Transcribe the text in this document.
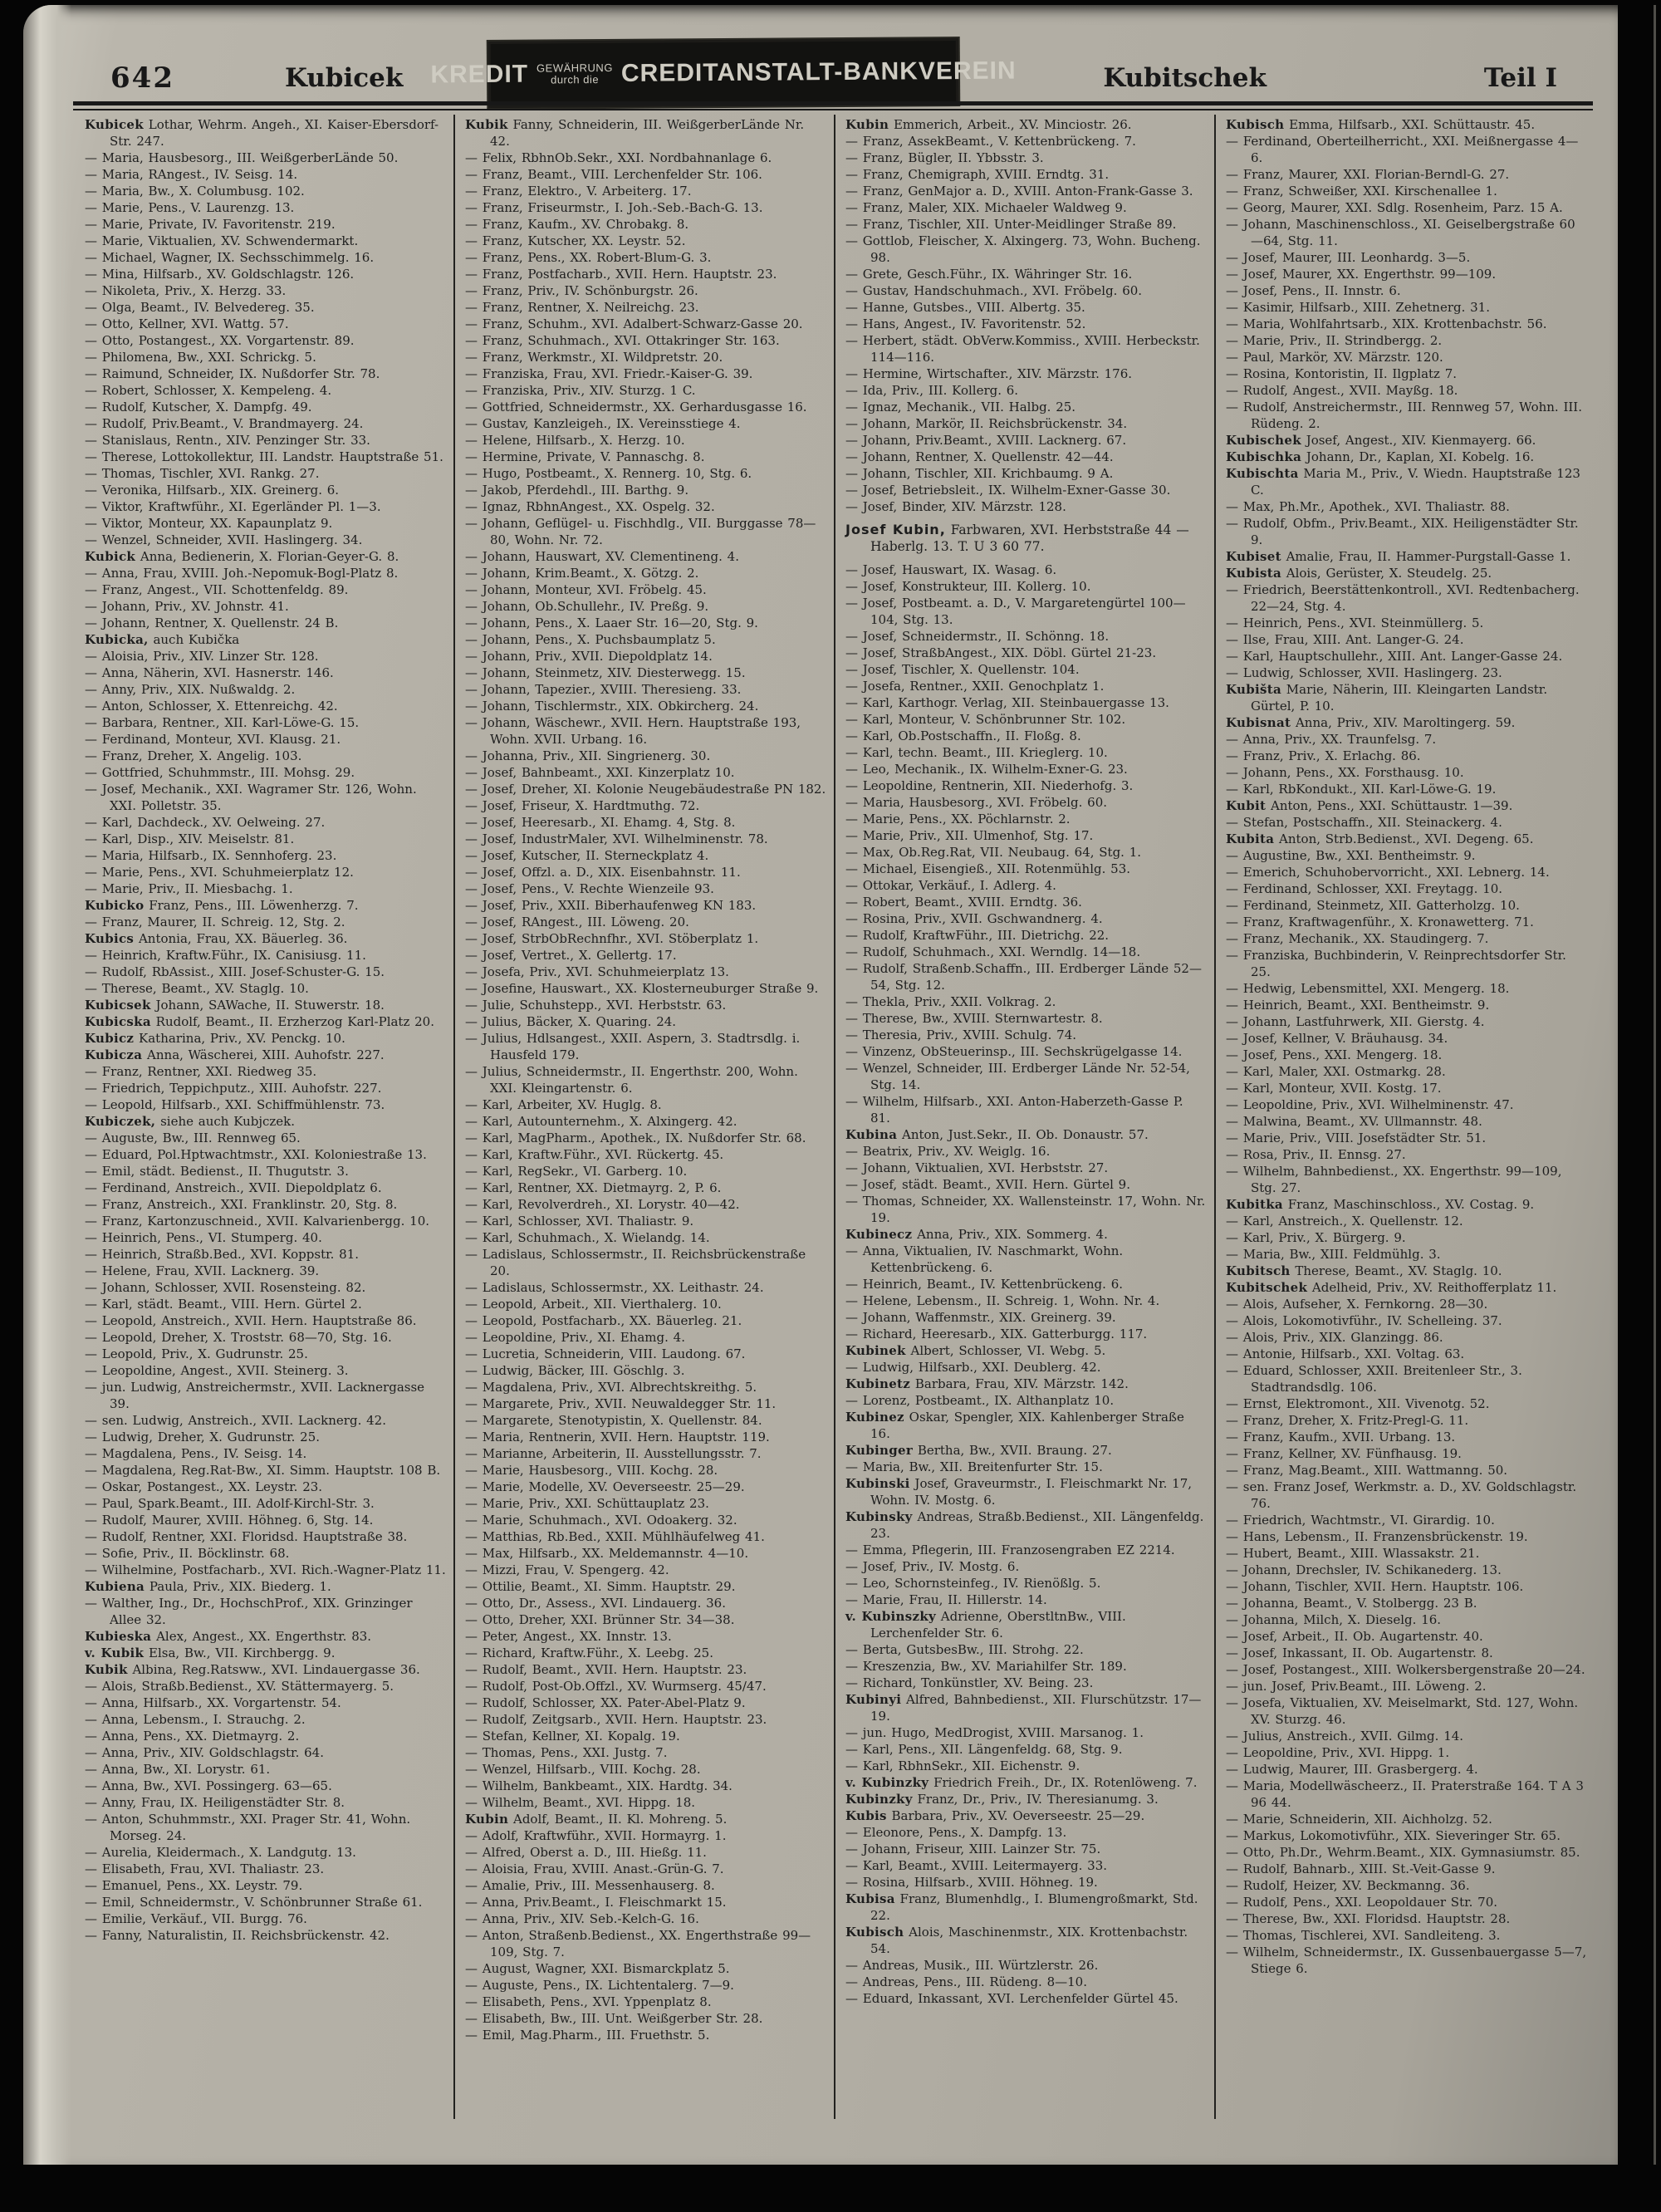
642	Kubicek KREDIT GEWÄHRUNG
durch die CREDITANSTALT-BANKVEREIN	Kubitschek	Teil I
Kubicek Lothar, Wehrm. Angeh., XI. Kaiser-Ebersdorf-Str. 247.
— Maria, Hausbesorg., III. WeißgerberLände 50.
— Maria, RAngest., IV. Seisg. 14.
— Maria, Bw., X. Columbusg. 102.
— Marie, Pens., V. Laurenzg. 13.
— Marie, Private, IV. Favoritenstr. 219.
— Marie, Viktualien, XV. Schwendermarkt.
— Michael, Wagner, IX. Sechsschimmelg. 16.
— Mina, Hilfsarb., XV. Goldschlagstr. 126.
— Nikoleta, Priv., X. Herzg. 33.
— Olga, Beamt., IV. Belvedereg. 35.
— Otto, Kellner, XVI. Wattg. 57.
— Otto, Postangest., XX. Vorgartenstr. 89.
— Philomena, Bw., XXI. Schrickg. 5.
— Raimund, Schneider, IX. Nußdorfer Str. 78.
— Robert, Schlosser, X. Kempeleng. 4.
— Rudolf, Kutscher, X. Dampfg. 49.
— Rudolf, Priv.Beamt., V. Brandmayerg. 24.
— Stanislaus, Rentn., XIV. Penzinger Str. 33.
— Therese, Lottokollektur, III. Landstr. Hauptstraße 51.
— Thomas, Tischler, XVI. Rankg. 27.
— Veronika, Hilfsarb., XIX. Greinerg. 6.
— Viktor, Kraftwführ., XI. Egerländer Pl. 1—3.
— Viktor, Monteur, XX. Kapaunplatz 9.
— Wenzel, Schneider, XVII. Haslingerg. 34.
Kubick Anna, Bedienerin, X. Florian-Geyer-G. 8.
— Anna, Frau, XVIII. Joh.-Nepomuk-Bogl-Platz 8.
— Franz, Angest., VII. Schottenfeldg. 89.
— Johann, Priv., XV. Johnstr. 41.
— Johann, Rentner, X. Quellenstr. 24 B.
Kubicka, auch Kubička
— Aloisia, Priv., XIV. Linzer Str. 128.
— Anna, Näherin, XVI. Hasnerstr. 146.
— Anny, Priv., XIX. Nußwaldg. 2.
— Anton, Schlosser, X. Ettenreichg. 42.
— Barbara, Rentner., XII. Karl-Löwe-G. 15.
— Ferdinand, Monteur, XVI. Klausg. 21.
— Franz, Dreher, X. Angelig. 103.
— Gottfried, Schuhmmstr., III. Mohsg. 29.
— Josef, Mechanik., XXI. Wagramer Str. 126, Wohn. XXI. Polletstr. 35.
— Karl, Dachdeck., XV. Oelweing. 27.
— Karl, Disp., XIV. Meiselstr. 81.
— Maria, Hilfsarb., IX. Sennhoferg. 23.
— Marie, Pens., XVI. Schuhmeierplatz 12.
— Marie, Priv., II. Miesbachg. 1.
Kubicko Franz, Pens., III. Löwenherzg. 7.
— Franz, Maurer, II. Schreig. 12, Stg. 2.
Kubics Antonia, Frau, XX. Bäuerleg. 36.
— Heinrich, Kraftw.Führ., IX. Canisiusg. 11.
— Rudolf, RbAssist., XIII. Josef-Schuster-G. 15.
— Therese, Beamt., XV. Staglg. 10.
Kubicsek Johann, SAWache, II. Stuwerstr. 18.
Kubicska Rudolf, Beamt., II. Erzherzog Karl-Platz 20.
Kubicz Katharina, Priv., XV. Penckg. 10.
Kubicza Anna, Wäscherei, XIII. Auhofstr. 227.
— Franz, Rentner, XXI. Riedweg 35.
— Friedrich, Teppichputz., XIII. Auhofstr. 227.
— Leopold, Hilfsarb., XXI. Schiffmühlenstr. 73.
Kubiczek, siehe auch Kubjczek.
— Auguste, Bw., III. Rennweg 65.
— Eduard, Pol.Hptwachtmstr., XXI. Koloniestraße 13.
— Emil, städt. Bedienst., II. Thugutstr. 3.
— Ferdinand, Anstreich., XVII. Diepoldplatz 6.
— Franz, Anstreich., XXI. Franklinstr. 20, Stg. 8.
— Franz, Kartonzuschneid., XVII. Kalvarienbergg. 10.
— Heinrich, Pens., VI. Stumperg. 40.
— Heinrich, Straßb.Bed., XVI. Koppstr. 81.
— Helene, Frau, XVII. Lacknerg. 39.
— Johann, Schlosser, XVII. Rosensteing. 82.
— Karl, städt. Beamt., VIII. Hern. Gürtel 2.
— Leopold, Anstreich., XVII. Hern. Hauptstraße 86.
— Leopold, Dreher, X. Troststr. 68—70, Stg. 16.
— Leopold, Priv., X. Gudrunstr. 25.
— Leopoldine, Angest., XVII. Steinerg. 3.
— jun. Ludwig, Anstreichermstr., XVII. Lacknergasse 39.
— sen. Ludwig, Anstreich., XVII. Lacknerg. 42.
— Ludwig, Dreher, X. Gudrunstr. 25.
— Magdalena, Pens., IV. Seisg. 14.
— Magdalena, Reg.Rat-Bw., XI. Simm. Hauptstr. 108 B.
— Oskar, Postangest., XX. Leystr. 23.
— Paul, Spark.Beamt., III. Adolf-Kirchl-Str. 3.
— Rudolf, Maurer, XVIII. Höhneg. 6, Stg. 14.
— Rudolf, Rentner, XXI. Floridsd. Hauptstraße 38.
— Sofie, Priv., II. Böcklinstr. 68.
— Wilhelmine, Postfacharb., XVI. Rich.-Wagner-Platz 11.
Kubiena Paula, Priv., XIX. Biederg. 1.
— Walther, Ing., Dr., HochschProf., XIX. Grinzinger Allee 32.
Kubieska Alex, Angest., XX. Engerthstr. 83.
v. Kubik Elsa, Bw., VII. Kirchbergg. 9.
Kubik Albina, Reg.Ratsww., XVI. Lindauergasse 36.
— Alois, Straßb.Bedienst., XV. Stättermayerg. 5.
— Anna, Hilfsarb., XX. Vorgartenstr. 54.
— Anna, Lebensm., I. Strauchg. 2.
— Anna, Pens., XX. Dietmayrg. 2.
— Anna, Priv., XIV. Goldschlagstr. 64.
— Anna, Bw., XI. Lorystr. 61.
— Anna, Bw., XVI. Possingerg. 63—65.
— Anny, Frau, IX. Heiligenstädter Str. 8.
— Anton, Schuhmmstr., XXI. Prager Str. 41, Wohn. Morseg. 24.
— Aurelia, Kleidermach., X. Landgutg. 13.
— Elisabeth, Frau, XVI. Thaliastr. 23.
— Emanuel, Pens., XX. Leystr. 79.
— Emil, Schneidermstr., V. Schönbrunner Straße 61.
— Emilie, Verkäuf., VII. Burgg. 76.
— Fanny, Naturalistin, II. Reichsbrückenstr. 42.
Kubik Fanny, Schneiderin, III. WeißgerberLände Nr. 42.
— Felix, RbhnOb.Sekr., XXI. Nordbahnanlage 6.
— Franz, Beamt., VIII. Lerchenfelder Str. 106.
— Franz, Elektro., V. Arbeiterg. 17.
— Franz, Friseurmstr., I. Joh.-Seb.-Bach-G. 13.
— Franz, Kaufm., XV. Chrobakg. 8.
— Franz, Kutscher, XX. Leystr. 52.
— Franz, Pens., XX. Robert-Blum-G. 3.
— Franz, Postfacharb., XVII. Hern. Hauptstr. 23.
— Franz, Priv., IV. Schönburgstr. 26.
— Franz, Rentner, X. Neilreichg. 23.
— Franz, Schuhm., XVI. Adalbert-Schwarz-Gasse 20.
— Franz, Schuhmach., XVI. Ottakringer Str. 163.
— Franz, Werkmstr., XI. Wildpretstr. 20.
— Franziska, Frau, XVI. Friedr.-Kaiser-G. 39.
— Franziska, Priv., XIV. Sturzg. 1 C.
— Gottfried, Schneidermstr., XX. Gerhardusgasse 16.
— Gustav, Kanzleigeh., IX. Vereinsstiege 4.
— Helene, Hilfsarb., X. Herzg. 10.
— Hermine, Private, V. Pannaschg. 8.
— Hugo, Postbeamt., X. Rennerg. 10, Stg. 6.
— Jakob, Pferdehdl., III. Barthg. 9.
— Ignaz, RbhnAngest., XX. Ospelg. 32.
— Johann, Geflügel- u. Fischhdlg., VII. Burggasse 78—80, Wohn. Nr. 72.
— Johann, Hauswart, XV. Clementineng. 4.
— Johann, Krim.Beamt., X. Götzg. 2.
— Johann, Monteur, XVI. Fröbelg. 45.
— Johann, Ob.Schullehr., IV. Preßg. 9.
— Johann, Pens., X. Laaer Str. 16—20, Stg. 9.
— Johann, Pens., X. Puchsbaumplatz 5.
— Johann, Priv., XVII. Diepoldplatz 14.
— Johann, Steinmetz, XIV. Diesterwegg. 15.
— Johann, Tapezier., XVIII. Theresieng. 33.
— Johann, Tischlermstr., XIX. Obkircherg. 24.
— Johann, Wäschewr., XVII. Hern. Hauptstraße 193, Wohn. XVII. Urbang. 16.
— Johanna, Priv., XII. Singrienerg. 30.
— Josef, Bahnbeamt., XXI. Kinzerplatz 10.
— Josef, Dreher, XI. Kolonie Neugebäudestraße PN 182.
— Josef, Friseur, X. Hardtmuthg. 72.
— Josef, Heeresarb., XI. Ehamg. 4, Stg. 8.
— Josef, IndustrMaler, XVI. Wilhelminenstr. 78.
— Josef, Kutscher, II. Sterneckplatz 4.
— Josef, Offzl. a. D., XIX. Eisenbahnstr. 11.
— Josef, Pens., V. Rechte Wienzeile 93.
— Josef, Priv., XXII. Biberhaufenweg KN 183.
— Josef, RAngest., III. Löweng. 20.
— Josef, StrbObRechnfhr., XVI. Stöberplatz 1.
— Josef, Vertret., X. Gellertg. 17.
— Josefa, Priv., XVI. Schuhmeierplatz 13.
— Josefine, Hauswart., XX. Klosterneuburger Straße 9.
— Julie, Schuhstepp., XVI. Herbststr. 63.
— Julius, Bäcker, X. Quaring. 24.
— Julius, Hdlsangest., XXII. Aspern, 3. Stadtrsdlg. i. Hausfeld 179.
— Julius, Schneidermstr., II. Engerthstr. 200, Wohn. XXI. Kleingartenstr. 6.
— Karl, Arbeiter, XV. Huglg. 8.
— Karl, Autounternehm., X. Alxingerg. 42.
— Karl, MagPharm., Apothek., IX. Nußdorfer Str. 68.
— Karl, Kraftw.Führ., XVI. Rückertg. 45.
— Karl, RegSekr., VI. Garberg. 10.
— Karl, Rentner, XX. Dietmayrg. 2, P. 6.
— Karl, Revolverdreh., XI. Lorystr. 40—42.
— Karl, Schlosser, XVI. Thaliastr. 9.
— Karl, Schuhmach., X. Wielandg. 14.
— Ladislaus, Schlossermstr., II. Reichsbrückenstraße 20.
— Ladislaus, Schlossermstr., XX. Leithastr. 24.
— Leopold, Arbeit., XII. Vierthalerg. 10.
— Leopold, Postfacharb., XX. Bäuerleg. 21.
— Leopoldine, Priv., XI. Ehamg. 4.
— Lucretia, Schneiderin, VIII. Laudong. 67.
— Ludwig, Bäcker, III. Göschlg. 3.
— Magdalena, Priv., XVI. Albrechtskreithg. 5.
— Margarete, Priv., XVII. Neuwaldegger Str. 11.
— Margarete, Stenotypistin, X. Quellenstr. 84.
— Maria, Rentnerin, XVII. Hern. Hauptstr. 119.
— Marianne, Arbeiterin, II. Ausstellungsstr. 7.
— Marie, Hausbesorg., VIII. Kochg. 28.
— Marie, Modelle, XV. Oeverseestr. 25—29.
— Marie, Priv., XXI. Schüttauplatz 23.
— Marie, Schuhmach., XVI. Odoakerg. 32.
— Matthias, Rb.Bed., XXII. Mühlhäufelweg 41.
— Max, Hilfsarb., XX. Meldemannstr. 4—10.
— Mizzi, Frau, V. Spengerg. 42.
— Ottilie, Beamt., XI. Simm. Hauptstr. 29.
— Otto, Dr., Assess., XVI. Lindauerg. 36.
— Otto, Dreher, XXI. Brünner Str. 34—38.
— Peter, Angest., XX. Innstr. 13.
— Richard, Kraftw.Führ., X. Leebg. 25.
— Rudolf, Beamt., XVII. Hern. Hauptstr. 23.
— Rudolf, Post-Ob.Offzl., XV. Wurmserg. 45/47.
— Rudolf, Schlosser, XX. Pater-Abel-Platz 9.
— Rudolf, Zeitgsarb., XVII. Hern. Hauptstr. 23.
— Stefan, Kellner, XI. Kopalg. 19.
— Thomas, Pens., XXI. Justg. 7.
— Wenzel, Hilfsarb., VIII. Kochg. 28.
— Wilhelm, Bankbeamt., XIX. Hardtg. 34.
— Wilhelm, Beamt., XVI. Hippg. 18.
Kubin Adolf, Beamt., II. Kl. Mohreng. 5.
— Adolf, Kraftwführ., XVII. Hormayrg. 1.
— Alfred, Oberst a. D., III. Hießg. 11.
— Aloisia, Frau, XVIII. Anast.-Grün-G. 7.
— Amalie, Priv., III. Messenhauserg. 8.
— Anna, Priv.Beamt., I. Fleischmarkt 15.
— Anna, Priv., XIV. Seb.-Kelch-G. 16.
— Anton, Straßenb.Bedienst., XX. Engerthstraße 99—109, Stg. 7.
— August, Wagner, XXI. Bismarckplatz 5.
— Auguste, Pens., IX. Lichtentalerg. 7—9.
— Elisabeth, Pens., XVI. Yppenplatz 8.
— Elisabeth, Bw., III. Unt. Weißgerber Str. 28.
— Emil, Mag.Pharm., III. Fruethstr. 5.
Kubin Emmerich, Arbeit., XV. Minciostr. 26.
— Franz, AssekBeamt., V. Kettenbrückeng. 7.
— Franz, Bügler, II. Ybbsstr. 3.
— Franz, Chemigraph, XVIII. Erndtg. 31.
— Franz, GenMajor a. D., XVIII. Anton-Frank-Gasse 3.
— Franz, Maler, XIX. Michaeler Waldweg 9.
— Franz, Tischler, XII. Unter-Meidlinger Straße 89.
— Gottlob, Fleischer, X. Alxingerg. 73, Wohn. Bucheng. 98.
— Grete, Gesch.Führ., IX. Währinger Str. 16.
— Gustav, Handschuhmach., XVI. Fröbelg. 60.
— Hanne, Gutsbes., VIII. Albertg. 35.
— Hans, Angest., IV. Favoritenstr. 52.
— Herbert, städt. ObVerw.Kommiss., XVIII. Herbeckstr. 114—116.
— Hermine, Wirtschafter., XIV. Märzstr. 176.
— Ida, Priv., III. Kollerg. 6.
— Ignaz, Mechanik., VII. Halbg. 25.
— Johann, Markör, II. Reichsbrückenstr. 34.
— Johann, Priv.Beamt., XVIII. Lacknerg. 67.
— Johann, Rentner, X. Quellenstr. 42—44.
— Johann, Tischler, XII. Krichbaumg. 9 A.
— Josef, Betriebsleit., IX. Wilhelm-Exner-Gasse 30.
— Josef, Binder, XIV. Märzstr. 128.
Josef Kubin, Farbwaren, XVI. Herbststraße 44 — Haberlg. 13. T. U 3 60 77.
— Josef, Hauswart, IX. Wasag. 6.
— Josef, Konstrukteur, III. Kollerg. 10.
— Josef, Postbeamt. a. D., V. Margaretengürtel 100—104, Stg. 13.
— Josef, Schneidermstr., II. Schönng. 18.
— Josef, StraßbAngest., XIX. Döbl. Gürtel 21-23.
— Josef, Tischler, X. Quellenstr. 104.
— Josefa, Rentner., XXII. Genochplatz 1.
— Karl, Karthogr. Verlag, XII. Steinbauergasse 13.
— Karl, Monteur, V. Schönbrunner Str. 102.
— Karl, Ob.Postschaffn., II. Floßg. 8.
— Karl, techn. Beamt., III. Krieglerg. 10.
— Leo, Mechanik., IX. Wilhelm-Exner-G. 23.
— Leopoldine, Rentnerin, XII. Niederhofg. 3.
— Maria, Hausbesorg., XVI. Fröbelg. 60.
— Marie, Pens., XX. Pöchlarnstr. 2.
— Marie, Priv., XII. Ulmenhof, Stg. 17.
— Max, Ob.Reg.Rat, VII. Neubaug. 64, Stg. 1.
— Michael, Eisengieß., XII. Rotenmühlg. 53.
— Ottokar, Verkäuf., I. Adlerg. 4.
— Robert, Beamt., XVIII. Erndtg. 36.
— Rosina, Priv., XVII. Gschwandnerg. 4.
— Rudolf, KraftwFühr., III. Dietrichg. 22.
— Rudolf, Schuhmach., XXI. Werndlg. 14—18.
— Rudolf, Straßenb.Schaffn., III. Erdberger Lände 52—54, Stg. 12.
— Thekla, Priv., XXII. Volkrag. 2.
— Therese, Bw., XVIII. Sternwartestr. 8.
— Theresia, Priv., XVIII. Schulg. 74.
— Vinzenz, ObSteuerinsp., III. Sechskrügelgasse 14.
— Wenzel, Schneider, III. Erdberger Lände Nr. 52-54, Stg. 14.
— Wilhelm, Hilfsarb., XXI. Anton-Haberzeth-Gasse P. 81.
Kubina Anton, Just.Sekr., II. Ob. Donaustr. 57.
— Beatrix, Priv., XV. Weiglg. 16.
— Johann, Viktualien, XVI. Herbststr. 27.
— Josef, städt. Beamt., XVII. Hern. Gürtel 9.
— Thomas, Schneider, XX. Wallensteinstr. 17, Wohn. Nr. 19.
Kubinecz Anna, Priv., XIX. Sommerg. 4.
— Anna, Viktualien, IV. Naschmarkt, Wohn. Kettenbrückeng. 6.
— Heinrich, Beamt., IV. Kettenbrückeng. 6.
— Helene, Lebensm., II. Schreig. 1, Wohn. Nr. 4.
— Johann, Waffenmstr., XIX. Greinerg. 39.
— Richard, Heeresarb., XIX. Gatterburgg. 117.
Kubinek Albert, Schlosser, VI. Webg. 5.
— Ludwig, Hilfsarb., XXI. Deublerg. 42.
Kubinetz Barbara, Frau, XIV. Märzstr. 142.
— Lorenz, Postbeamt., IX. Althanplatz 10.
Kubinez Oskar, Spengler, XIX. Kahlenberger Straße 16.
Kubinger Bertha, Bw., XVII. Braung. 27.
— Maria, Bw., XII. Breitenfurter Str. 15.
Kubinski Josef, Graveurmstr., I. Fleischmarkt Nr. 17, Wohn. IV. Mostg. 6.
Kubinsky Andreas, Straßb.Bedienst., XII. Längenfeldg. 23.
— Emma, Pflegerin, III. Franzosengraben EZ 2214.
— Josef, Priv., IV. Mostg. 6.
— Leo, Schornsteinfeg., IV. Rienößlg. 5.
— Marie, Frau, II. Hillerstr. 14.
v. Kubinszky Adrienne, OberstltnBw., VIII. Lerchenfelder Str. 6.
— Berta, GutsbesBw., III. Strohg. 22.
— Kreszenzia, Bw., XV. Mariahilfer Str. 189.
— Richard, Tonkünstler, XV. Being. 23.
Kubinyi Alfred, Bahnbedienst., XII. Flurschützstr. 17—19.
— jun. Hugo, MedDrogist, XVIII. Marsanog. 1.
— Karl, Pens., XII. Längenfeldg. 68, Stg. 9.
— Karl, RbhnSekr., XII. Eichenstr. 9.
v. Kubinzky Friedrich Freih., Dr., IX. Rotenlöweng. 7.
Kubinzky Franz, Dr., Priv., IV. Theresianumg. 3.
Kubis Barbara, Priv., XV. Oeverseestr. 25—29.
— Eleonore, Pens., X. Dampfg. 13.
— Johann, Friseur, XIII. Lainzer Str. 75.
— Karl, Beamt., XVIII. Leitermayerg. 33.
— Rosina, Hilfsarb., XVIII. Höhneg. 19.
Kubisa Franz, Blumenhdlg., I. Blumengroßmarkt, Std. 22.
Kubisch Alois, Maschinenmstr., XIX. Krottenbachstr. 54.
— Andreas, Musik., III. Würtzlerstr. 26.
— Andreas, Pens., III. Rüdeng. 8—10.
— Eduard, Inkassant, XVI. Lerchenfelder Gürtel 45.
Kubisch Emma, Hilfsarb., XXI. Schüttaustr. 45.
— Ferdinand, Oberteilherricht., XXI. Meißnergasse 4—6.
— Franz, Maurer, XXI. Florian-Berndl-G. 27.
— Franz, Schweißer, XXI. Kirschenallee 1.
— Georg, Maurer, XXI. Sdlg. Rosenheim, Parz. 15 A.
— Johann, Maschinenschloss., XI. Geiselbergstraße 60—64, Stg. 11.
— Josef, Maurer, III. Leonhardg. 3—5.
— Josef, Maurer, XX. Engerthstr. 99—109.
— Josef, Pens., II. Innstr. 6.
— Kasimir, Hilfsarb., XIII. Zehetnerg. 31.
— Maria, Wohlfahrtsarb., XIX. Krottenbachstr. 56.
— Marie, Priv., II. Strindbergg. 2.
— Paul, Markör, XV. Märzstr. 120.
— Rosina, Kontoristin, II. Ilgplatz 7.
— Rudolf, Angest., XVII. Mayßg. 18.
— Rudolf, Anstreichermstr., III. Rennweg 57, Wohn. III. Rüdeng. 2.
Kubischek Josef, Angest., XIV. Kienmayerg. 66.
Kubischka Johann, Dr., Kaplan, XI. Kobelg. 16.
Kubischta Maria M., Priv., V. Wiedn. Hauptstraße 123 C.
— Max, Ph.Mr., Apothek., XVI. Thaliastr. 88.
— Rudolf, Obfm., Priv.Beamt., XIX. Heiligenstädter Str. 9.
Kubiset Amalie, Frau, II. Hammer-Purgstall-Gasse 1.
Kubista Alois, Gerüster, X. Steudelg. 25.
— Friedrich, Beerstättenkontroll., XVI. Redtenbacherg. 22—24, Stg. 4.
— Heinrich, Pens., XVI. Steinmüllerg. 5.
— Ilse, Frau, XIII. Ant. Langer-G. 24.
— Karl, Hauptschullehr., XIII. Ant. Langer-Gasse 24.
— Ludwig, Schlosser, XVII. Haslingerg. 23.
Kubišta Marie, Näherin, III. Kleingarten Landstr. Gürtel, P. 10.
Kubisnat Anna, Priv., XIV. Maroltingerg. 59.
— Anna, Priv., XX. Traunfelsg. 7.
— Franz, Priv., X. Erlachg. 86.
— Johann, Pens., XX. Forsthausg. 10.
— Karl, RbKondukt., XII. Karl-Löwe-G. 19.
Kubit Anton, Pens., XXI. Schüttaustr. 1—39.
— Stefan, Postschaffn., XII. Steinackerg. 4.
Kubita Anton, Strb.Bedienst., XVI. Degeng. 65.
— Augustine, Bw., XXI. Bentheimstr. 9.
— Emerich, Schuhobervorricht., XXI. Lebnerg. 14.
— Ferdinand, Schlosser, XXI. Freytagg. 10.
— Ferdinand, Steinmetz, XII. Gatterholzg. 10.
— Franz, Kraftwagenführ., X. Kronawetterg. 71.
— Franz, Mechanik., XX. Staudingerg. 7.
— Franziska, Buchbinderin, V. Reinprechtsdorfer Str. 25.
— Hedwig, Lebensmittel, XXI. Mengerg. 18.
— Heinrich, Beamt., XXI. Bentheimstr. 9.
— Johann, Lastfuhrwerk, XII. Gierstg. 4.
— Josef, Kellner, V. Bräuhausg. 34.
— Josef, Pens., XXI. Mengerg. 18.
— Karl, Maler, XXI. Ostmarkg. 28.
— Karl, Monteur, XVII. Kostg. 17.
— Leopoldine, Priv., XVI. Wilhelminenstr. 47.
— Malwina, Beamt., XV. Ullmannstr. 48.
— Marie, Priv., VIII. Josefstädter Str. 51.
— Rosa, Priv., II. Ennsg. 27.
— Wilhelm, Bahnbedienst., XX. Engerthstr. 99—109, Stg. 27.
Kubitka Franz, Maschinschloss., XV. Costag. 9.
— Karl, Anstreich., X. Quellenstr. 12.
— Karl, Priv., X. Bürgerg. 9.
— Maria, Bw., XIII. Feldmühlg. 3.
Kubitsch Therese, Beamt., XV. Staglg. 10.
Kubitschek Adelheid, Priv., XV. Reithofferplatz 11.
— Alois, Aufseher, X. Fernkorng. 28—30.
— Alois, Lokomotivführ., IV. Schelleing. 37.
— Alois, Priv., XIX. Glanzingg. 86.
— Antonie, Hilfsarb., XXI. Voltag. 63.
— Eduard, Schlosser, XXII. Breitenleer Str., 3. Stadtrandsdlg. 106.
— Ernst, Elektromont., XII. Vivenotg. 52.
— Franz, Dreher, X. Fritz-Pregl-G. 11.
— Franz, Kaufm., XVII. Urbang. 13.
— Franz, Kellner, XV. Fünfhausg. 19.
— Franz, Mag.Beamt., XIII. Wattmanng. 50.
— sen. Franz Josef, Werkmstr. a. D., XV. Goldschlagstr. 76.
— Friedrich, Wachtmstr., VI. Girardig. 10.
— Hans, Lebensm., II. Franzensbrückenstr. 19.
— Hubert, Beamt., XIII. Wlassakstr. 21.
— Johann, Drechsler, IV. Schikanederg. 13.
— Johann, Tischler, XVII. Hern. Hauptstr. 106.
— Johanna, Beamt., V. Stolbergg. 23 B.
— Johanna, Milch, X. Dieselg. 16.
— Josef, Arbeit., II. Ob. Augartenstr. 40.
— Josef, Inkassant, II. Ob. Augartenstr. 8.
— Josef, Postangest., XIII. Wolkersbergenstraße 20—24.
— jun. Josef, Priv.Beamt., III. Löweng. 2.
— Josefa, Viktualien, XV. Meiselmarkt, Std. 127, Wohn. XV. Sturzg. 46.
— Julius, Anstreich., XVII. Gilmg. 14.
— Leopoldine, Priv., XVI. Hippg. 1.
— Ludwig, Maurer, III. Grasbergerg. 4.
— Maria, Modellwäscheerz., II. Praterstraße 164. T A 3 96 44.
— Marie, Schneiderin, XII. Aichholzg. 52.
— Markus, Lokomotivführ., XIX. Sieveringer Str. 65.
— Otto, Ph.Dr., Wehrm.Beamt., XIX. Gymnasiumstr. 85.
— Rudolf, Bahnarb., XIII. St.-Veit-Gasse 9.
— Rudolf, Heizer, XV. Beckmanng. 36.
— Rudolf, Pens., XXI. Leopoldauer Str. 70.
— Therese, Bw., XXI. Floridsd. Hauptstr. 28.
— Thomas, Tischlerei, XVI. Sandleiteng. 3.
— Wilhelm, Schneidermstr., IX. Gussenbauergasse 5—7, Stiege 6.
